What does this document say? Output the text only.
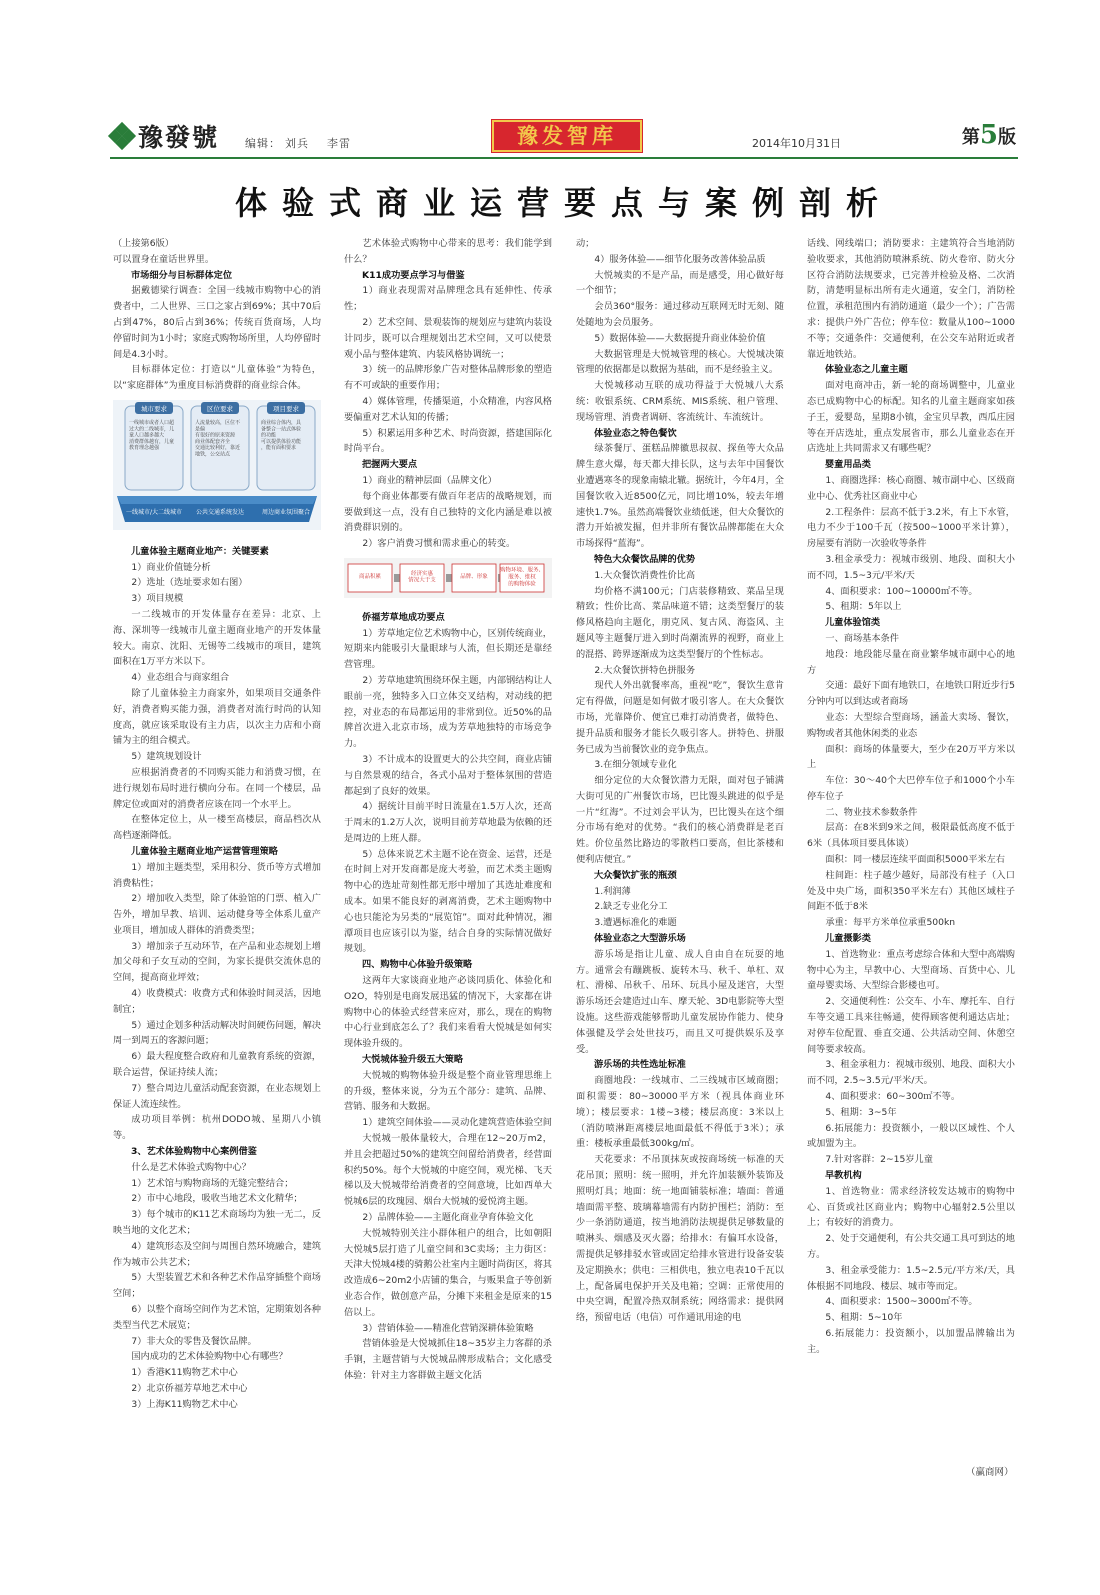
豫發號 编辑： 刘兵    李雷	豫发智库	2014年10月31日	第5版
体验式商业运营要点与案例剖析

（上接第6版）

可以置身在童话世界里。

市场细分与目标群体定位

据戴德梁行调查：全国一线城市购物中心的消费者中，二人世界、三口之家占到69%；其中70后占到47%，80后占到36%；传统百货商场，人均停留时间为1小时；家庭式购物场所里，人均停留时间是4.3小时。

目标群体定位：打造以“儿童体验”为特色，以“家庭群体”为重度目标消费群的商业综合体。

城市要求
一线城市或者人口超过大的二线城市，儿童人口越多越大消费群体越有，儿童教育理念越强
区位要求
人流量较高，区位不是偏有很好的原来资源商业体配套齐全交通比较利好，靠近地铁，公交站点
项目要求
商业综合体内，具备整合一站式体验的功能可以提供体验功能，能有面积要求
一线城市/大二线城市 公共交通系统发达	周边商业氛围聚合

儿童体验主题商业地产：关键要素

1）商业价值链分析

2）选址（选址要求如右图）

3）项目规模

一二线城市的开发体量存在差异：北京、上海、深圳等一线城市儿童主题商业地产的开发体量较大。南京、沈阳、无锡等二线城市的项目，建筑面积在1万平方米以下。

4）业态组合与商家组合

除了儿童体验主力商家外，如果项目交通条件好，消费者购买能力强，消费者对流行时尚的认知度高，就应该采取设有主力店，以次主力店和小商铺为主的组合模式。

5）建筑规划设计

应根据消费者的不同购买能力和消费习惯，在进行规划布局时进行横向分布。在同一个楼层，品牌定位或面对的消费者应该在同一个水平上。

在整体定位上，从一楼至高楼层，商品档次从高档逐渐降低。

儿童体验主题商业地产运营管理策略

1）增加主题类型，采用积分、货币等方式增加消费粘性；

2）增加收入类型，除了体验馆的门票、植入广告外，增加早教、培训、运动健身等全体系儿童产业项目，增加成人群体的消费类型；

3）增加亲子互动环节，在产品和业态规划上增加父母和子女互动的空间，为家长提供交流休息的空间，提高商业坪效；

4）收费模式：收费方式和体验时间灵活，因地制宜；

5）通过企划多种活动解决时间硬伤问题，解决周一到周五的客源问题；

6）最大程度整合政府和儿童教育系统的资源，联合运营，保证持续人流；

7）整合周边儿童活动配套资源，在业态规划上保证人流连续性。

成功项目举例：杭州DODO城、星期八小镇等。

3、艺术体验购物中心案例借鉴

什么是艺术体验式购物中心？

1）艺术馆与购物商场的无缝完整结合；

2）市中心地段，吸收当地艺术文化精华；

3）每个城市的K11艺术商场均为独一无二，反映当地的文化艺术；

4）建筑形态及空间与周围自然环境融合，建筑作为城市公共艺术；

5）大型装置艺术和各种艺术作品穿插整个商场空间；

6）以整个商场空间作为艺术馆，定期策划各种类型当代艺术展览；

7）非大众的零售及餐饮品牌。

国内成功的艺术体验购物中心有哪些？

1）香港K11购物艺术中心

2）北京侨福芳草地艺术中心

3）上海K11购物艺术中心

艺术体验式购物中心带来的思考：我们能学到什么？

K11成功要点学习与借鉴

1）商业表现需对品牌理念具有延伸性、传承性；

2）艺术空间、景观装饰的规划应与建筑内装设计同步，既可以合理规划出艺术空间，又可以使景观小品与整体建筑、内装风格协调统一；

3）统一的品牌形象广告对整体品牌形象的塑造有不可或缺的重要作用；

4）媒体管理，传播渠道，小众精准，内容风格要偏重对艺术认知的传播；

5）积累运用多种艺术、时尚资源，搭建国际化时尚平台。

把握两大要点

1）商业的精神层面（品牌文化）

每个商业体都要有做百年老店的战略规划，而要做到这一点，没有自己独特的文化内涵是难以被消费群识别的。

2）客户消费习惯和需求重心的转变。

商品积累
经济实惠情况大于支
品牌、形象
购物环境、服务、服务、维权的购物体验

侨福芳草地成功要点

1）芳草地定位艺术购物中心，区别传统商业，短期来内能吸引大量眼球与人流，但长期还是靠经营管理。

2）芳草地建筑围绕环保主题，内部钢结构让人眼前一亮，独特多入口立体交叉结构，对动线的把控，对业态的布局都运用的非常到位。近50%的品牌首次进入北京市场，成为芳草地独特的市场竞争力。

3）不计成本的设置更大的公共空间，商业店铺与自然景观的结合，各式小品对于整体氛围的营造都起到了良好的效果。

4）据统计目前平时日流量在1.5万人次，还高于周末的1.2万人次，说明目前芳草地最为依赖的还是周边的上班人群。

5）总体来说艺术主题不论在资金、运营，还是在时间上对开发商都是庞大考验，而艺术类主题购物中心的选址苛刻性都无形中增加了其选址难度和成本。如果不能良好的剥离消费，艺术主题购物中心也只能沦为另类的“展览馆”。面对此种情况，湘潭项目也应该引以为鉴，结合自身的实际情况做好规划。

四、购物中心体验升级策略

这两年大家谈商业地产必谈同质化、体验化和O2O，特别是电商发展迅猛的情况下，大家都在讲购物中心的体验式经营来应对，那么，现在的购物中心行业到底怎么了？我们来看看大悦城是如何实现体验升级的。

大悦城体验升级五大策略

大悦城的购物体验升级是整个商业管理思维上的升级，整体来说，分为五个部分：建筑、品牌、营销、服务和大数据。

1）建筑空间体验——灵动化建筑营造体验空间

大悦城一般体量较大，合理在12~20万m2，并且会把超过50%的建筑空间留给消费者，经营面积约50%。每个大悦城的中庭空间，观光梯、飞天梯以及大悦城带给消费者的空间意境，比如西单大悦城6层的玫瑰园、烟台大悦城的爱悦湾主题。

2）品牌体验——主题化商业孕育体验文化

大悦城特别关注小群体租户的组合，比如朝阳大悦城5层打造了儿童空间和3C卖场；主力街区：天津大悦城4楼的骑鹅公社室内主题时尚街区，将其改造成6~20m2小店铺的集合，与贩果盒子等创新业态合作，做创意产品，分摊下来租金是原来的15倍以上。

3）营销体验——精准化营销深耕体验策略

营销体验是大悦城抓住18~35岁主力客群的杀手锏，主题营销与大悦城品牌形成粘合；文化感受体验：针对主力客群做主题文化活

动；

4）服务体验——细节化服务改善体验品质

大悦城卖的不是产品，而是感受，用心做好每一个细节；

会员360°服务：通过移动互联网无时无刻、随处随地为会员服务。

5）数据体验——大数据提升商业体验价值

大数据管理是大悦城管理的核心。大悦城决策管理的依据都是以数据为基础，而不是经验主义。

大悦城移动互联的成功得益于大悦城八大系统：收银系统、CRM系统、MIS系统、租户管理、现场管理、消费者调研、客流统计、车流统计。

体验业态之特色餐饮

绿茶餐厅、蛋糕品牌徽思叔叔、探鱼等大众品牌生意火爆，每天都大排长队，这与去年中国餐饮业遭遇寒冬的现象南辕北辙。据统计，今年4月，全国餐饮收入近8500亿元，同比增10%，较去年增速快1.7%。虽然高端餐饮业绩低迷，但大众餐饮的潜力开始被发掘，但并非所有餐饮品牌都能在大众市场探得“蓝海”。

特色大众餐饮品牌的优势

1.大众餐饮消费性价比高

均价格不满100元；门店装修精致、菜品呈现精致；性价比高、菜品味道不错；这类型餐厅的装修风格趋向主题化，朋克风、复古风、海盗风、主题风等主题餐厅进入到时尚潮流界的视野，商业上的混搭、跨界逐渐成为这类型餐厅的个性标志。

2.大众餐饮拼特色拼服务

现代人外出就餐率高，重视“吃”，餐饮生意肯定有得做，问题是如何做才吸引客人。在大众餐饮市场，光靠降价、便宜已难打动消费者，做特色、提升品质和服务才能长久吸引客人。拼特色、拼服务已成为当前餐饮业的竞争焦点。

3.在细分领域专业化

细分定位的大众餐饮潜力无限，面对包子铺满大街可见的广州餐饮市场，巴比馒头跳进的似乎是一片“红海”。不过刘会平认为，巴比馒头在这个细分市场有绝对的优势。“我们的核心消费群是老百姓。价位虽然比路边的零散档口要高，但比茶楼和便利店便宜。”

大众餐饮扩张的瓶颈

1.利润薄

2.缺乏专业化分工

3.遭遇标准化的难题

体验业态之大型游乐场

游乐场是指让儿童、成人自由自在玩耍的地方。通常会有蹦跳板、旋转木马、秋千、单杠、双杠、滑梯、吊秋千、吊环、玩具小屋及迷宫，大型游乐场还会建造过山车、摩天轮、3D电影院等大型设施。这些游戏能够帮助儿童发展协作能力、使身体强健及学会处世技巧，而且又可提供娱乐及享受。

游乐场的共性选址标准

商圈地段：一线城市、二三线城市区域商圈；面积需要：80~30000平方米（视具体商业环境）；楼层要求：1楼~3楼；楼层高度：3米以上（消防喷淋距离楼层地面最低不得低于3米）；承重：楼板承重最低300kg/㎡。

天花要求：不吊顶抹灰或按商场统一标准的天花吊顶；照明：统一照明，并允许加装额外装饰及照明灯具；地面：统一地面铺装标准；墙面：普通墙面需平整、玻璃幕墙需有内防护围栏；消防：至少一条消防通道，按当地消防法规提供足够数量的喷淋头、烟感及灭火器；给排水：有偏耳水设备，需提供足够排驳水管或固定给排水管进行设备安装及定期换水；供电：三相供电，独立电表10千瓦以上，配备属电保护开关及电箱；空调：正常使用的中央空调，配置冷热双制系统；网络需求：提供网络，预留电话（电信）可作通讯用途的电

话线、网线端口；消防要求：主建筑符合当地消防验收要求，其他消防喷淋系统、防火卷帘、防火分区符合消防法规要求，已完善并检验及格、二次消防，清楚明显标出所有走火通道，安全门，消防栓位置，承租范围内有消防通道（最少一个）；广告需求：提供户外广告位；停车位：数量从100~1000不等；交通条件：交通便利，在公交车站附近或者靠近地铁站。

体验业态之儿童主题

面对电商冲击，新一轮的商场调整中，儿童业态已成购物中心的标配。知名的儿童主题商家如孩子王，爱婴岛，星期8小镇，金宝贝早教，西瓜庄园等在开店选址，重点发展省市，那么儿童业态在开店选址上共同需求又有哪些呢？

婴童用品类

1、商圈选择：核心商圈、城市副中心、区级商业中心、优秀社区商业中心

2.工程条件：层高不低于3.2米，有上下水管，电力不少于100千瓦（按500~1000平米计算），房屋要有消防一次验收等条件

3.租金承受力：视城市级别、地段、面积大小而不同，1.5~3元/平米/天

4、面积要求：100~10000㎡不等。

5、租期：5年以上

儿童体验馆类

一、商场基本条件

地段：地段能尽量在商业繁华城市副中心的地方

交通：最好下面有地铁口，在地铁口附近步行5分钟内可以到达或者商场

业态：大型综合型商场，涵盖大卖场、餐饮，购物或者其他休闲类的业态

面积：商场的体量要大，至少在20万平方米以上

车位：30～40个大巴停车位子和1000个小车停车位子

二、物业技术参数条件

层高：在8米到9米之间，极限最低高度不低于6米（具体项目要具体谈）

面积：同一楼层连续平面面积5000平米左右

柱间距：柱子越少越好，局部没有柱子（入口处及中央广场，面积350平米左右）其他区域柱子间距不低于8米

承重：每平方米单位承重500kn

儿童摄影类

1、首选物业：重点考虑综合体和大型中高端购物中心为主，早教中心、大型商场、百货中心、儿童母婴卖场、大型综合影楼也可。

2、交通便利性：公交车、小车、摩托车、自行车等交通工具来往畅通，使得顾客便利通达店址；对停车位配置、垂直交通、公共活动空间、休憩空间等要求较高。

3、租金承租力：视城市级别、地段、面积大小而不同，2.5~3.5元/平米/天。

4、面积要求：60~300㎡不等。

5、租期：3~5年

6.拓展能力：投资额小，一般以区域性、个人或加盟为主。

7.针对客群：2~15岁儿童

早教机构

1、首选物业：需求经济较发达城市的购物中心、百货或社区商业内；购物中心辐射2.5公里以上；有较好的消费力。

2、处于交通便利，有公共交通工具可到达的地方。

3、租金承受能力：1.5~2.5元/平方米/天，具体根据不同地段、楼层、城市等而定。

4、面积要求：1500~3000㎡不等。

5、租期：5~10年

6.拓展能力：投资额小，以加盟品牌输出为主。

（赢商网）
